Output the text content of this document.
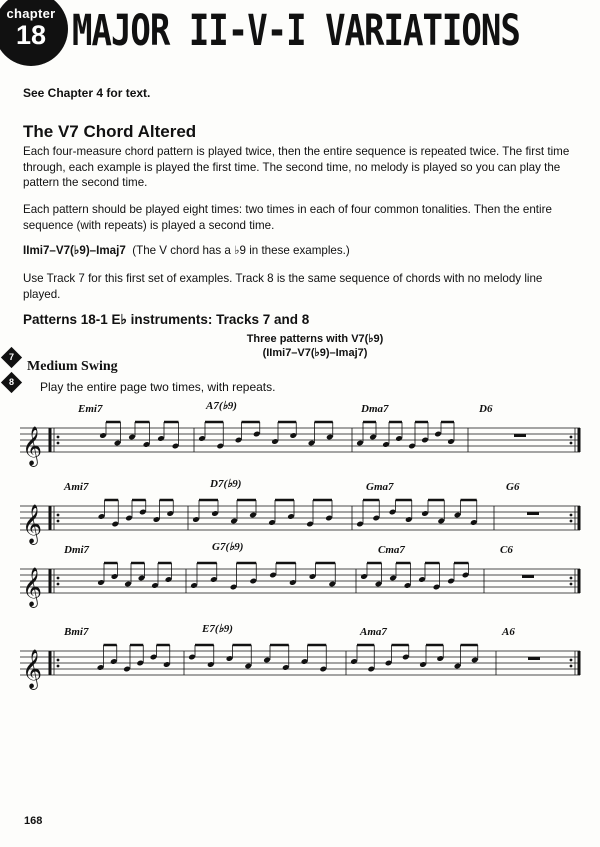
chapter
18 MAJOR II-V-I VARIATIONS
See Chapter 4 for text.
The V7 Chord Altered
Each four-measure chord pattern is played twice, then the entire sequence is repeated twice. The first time through, each example is played the first time. The second time, no melody is played so you can play the pattern the second time.
Each pattern should be played eight times: two times in each of four common tonalities. Then the entire sequence (with repeats) is played a second time.
IImi7–V7(♭9)–Imaj7 (The V chord has a ♭9 in these examples.)
Use Track 7 for this first set of examples. Track 8 is the same sequence of chords with no melody line played.
Patterns 18-1 E♭ instruments: Tracks 7 and 8
Three patterns with V7(♭9)
(IImi7–V7(♭9)–Imaj7)
7
8
Medium Swing
Play the entire page two times, with repeats.
Emi7	A7(♭9)	Dma7	D6
𝄞
Ami7	D7(♭9)	Gma7	G6
𝄞
Dmi7	G7(♭9)	Cma7	C6
𝄞
Bmi7	E7(♭9)	Ama7	A6
𝄞
168
